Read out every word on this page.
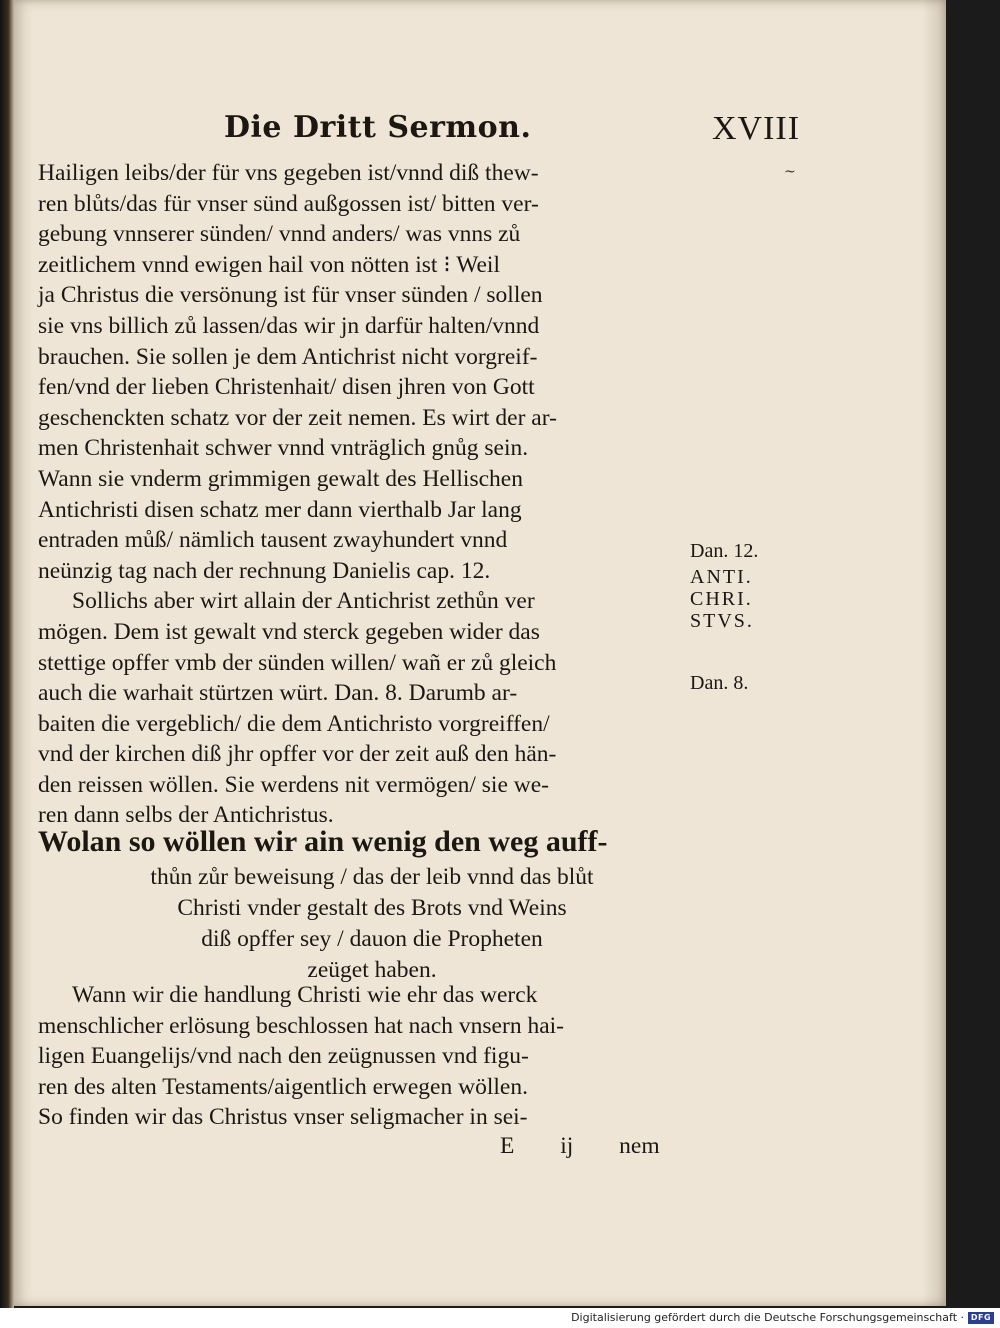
Die Dritt Sermon.	XVIII
~
Hailigen leibs/der für vns gegeben ist/vnnd diß thew-
ren blůts/das für vnser sünd außgossen ist/ bitten ver-
gebung vnnserer sünden/ vnnd anders/ was vnns zů
zeitlichem vnnd ewigen hail von nötten ist ⁝ Weil
ja Christus die versönung ist für vnser sünden / sollen
sie vns billich zů lassen/das wir jn darfür halten/vnnd
brauchen. Sie sollen je dem Antichrist nicht vorgreif-
fen/vnd der lieben Christenhait/ disen jhren von Gott
geschenckten schatz vor der zeit nemen. Es wirt der ar-
men Christenhait schwer vnnd vnträglich gnůg sein.
Wann sie vnderm grimmigen gewalt des Hellischen
Antichristi disen schatz mer dann vierthalb Jar lang
entraden můß/ nämlich tausent zwayhundert vnnd
neünzig tag nach der rechnung Danielis cap. 12.
Sollichs aber wirt allain der Antichrist zethůn ver
mögen. Dem ist gewalt vnd sterck gegeben wider das
stettige opffer vmb der sünden willen/ wañ er zů gleich
auch die warhait stürtzen würt. Dan. 8. Darumb ar-
baiten die vergeblich/ die dem Antichristo vorgreiffen/
vnd der kirchen diß jhr opffer vor der zeit auß den hän-
den reissen wöllen. Sie werdens nit vermögen/ sie we-
ren dann selbs der Antichristus.
Wolan so wöllen wir ain wenig den weg auff-
thůn zůr beweisung / das der leib vnnd das blůt
Christi vnder gestalt des Brots vnd Weins
diß opffer sey / dauon die Propheten
zeüget haben.
Wann wir die handlung Christi wie ehr das werck
menschlicher erlösung beschlossen hat nach vnsern hai-
ligen Euangelijs/vnd nach den zeügnussen vnd figu-
ren des alten Testaments/aigentlich erwegen wöllen.
So finden wir das Christus vnser seligmacher in sei-
E ij nem
Dan. 12.
ANTI.
CHRI.
STVS.
Dan. 8.
Digitalisierung gefördert durch die Deutsche Forschungsgemeinschaft · DFG
